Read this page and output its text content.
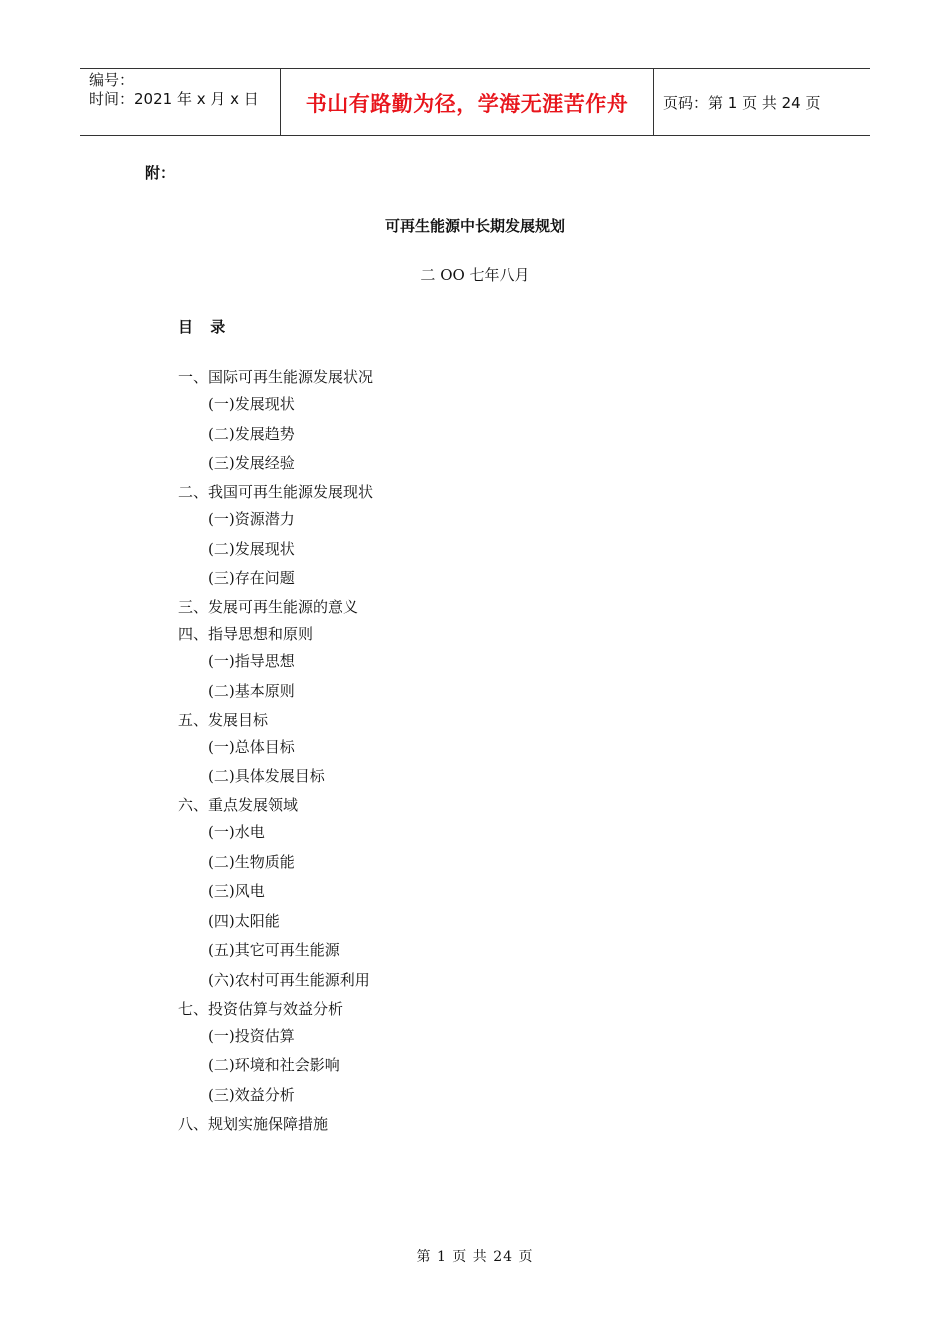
编号：
时间：2021 年 x 月 x 日	书山有路勤为径，学海无涯苦作舟 页码：第 1 页 共 24 页
附：
可再生能源中长期发展规划
二 OO 七年八月
目 录
一、国际可再生能源发展状况
(一)发展现状
(二)发展趋势
(三)发展经验
二、我国可再生能源发展现状
(一)资源潜力
(二)发展现状
(三)存在问题
三、发展可再生能源的意义
四、指导思想和原则
(一)指导思想
(二)基本原则
五、发展目标
(一)总体目标
(二)具体发展目标
六、重点发展领域
(一)水电
(二)生物质能
(三)风电
(四)太阳能
(五)其它可再生能源
(六)农村可再生能源利用
七、投资估算与效益分析
(一)投资估算
(二)环境和社会影响
(三)效益分析
八、规划实施保障措施
第 1 页 共 24 页
